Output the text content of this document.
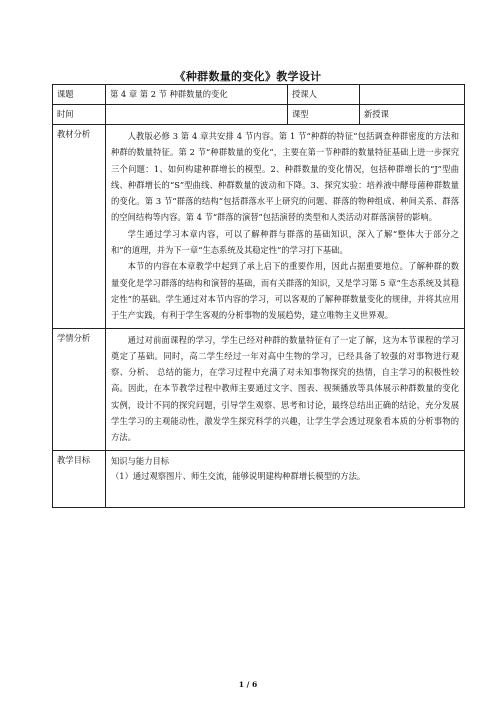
《种群数量的变化》教学设计
课题	第 4 章 第 2 节 种群数量的变化	授课人	
时间		课型	新授课
教材分析	人教版必修 3 第 4 章共安排 4 节内容。第 1 节“种群的特征”包括调查种群密度的方法和种群的数量特征。第 2 节“种群数量的变化”，主要在第一节种群的数量特征基础上进一步探究三个问题：1、如何构建种群增长的模型。2、种群数量的变化情况，包括种群增长的“J”型曲线、种群增长的“S”型曲线、种群数量的波动和下降。3、探究实验：培养液中酵母菌种群数量的变化。第 3 节“群落的结构”包括群落水平上研究的问题、群落的物种组成、种间关系、群落的空间结构等内容。第 4 节“群落的演替”包括演替的类型和人类活动对群落演替的影响。

学生通过学习本章内容，可以了解种群与群落的基础知识，深入了解“整体大于部分之和”的道理，并为下一章“生态系统及其稳定性”的学习打下基础。

本节的内容在本章教学中起到了承上启下的重要作用，因此占据重要地位。了解种群的数量变化是学习群落的结构和演替的基础，而有关群落的知识，又是学习第 5 章“生态系统及其稳定性”的基础。学生通过对本节内容的学习，可以客观的了解种群数量变化的规律，并将其应用于生产实践，有利于学生客观的分析事物的发展趋势，建立唯物主义世界观。		

学情分析	通过对前面课程的学习，学生已经对种群的数量特征有了一定了解，这为本节课程的学习奠定了基础。同时，高二学生经过一年对高中生物的学习，已经具备了较强的对事物进行观察、分析、 总结的能力，在学习过程中充满了对未知事物探究的热情，自主学习的积极性较高。因此，在本节教学过程中教师主要通过文字、图表、视频播放等具体展示种群数量的变化实例，设计不同的探究问题，引导学生观察、思考和讨论，最终总结出正确的结论，充分发展学生学习的主观能动性，激发学生探究科学的兴趣，让学生学会透过现象看本质的分析事物的方法。		

教学目标	知识与能力目标

（1）通过观察图片、师生交流，能够说明建构种群增长模型的方法。		

1 / 6
